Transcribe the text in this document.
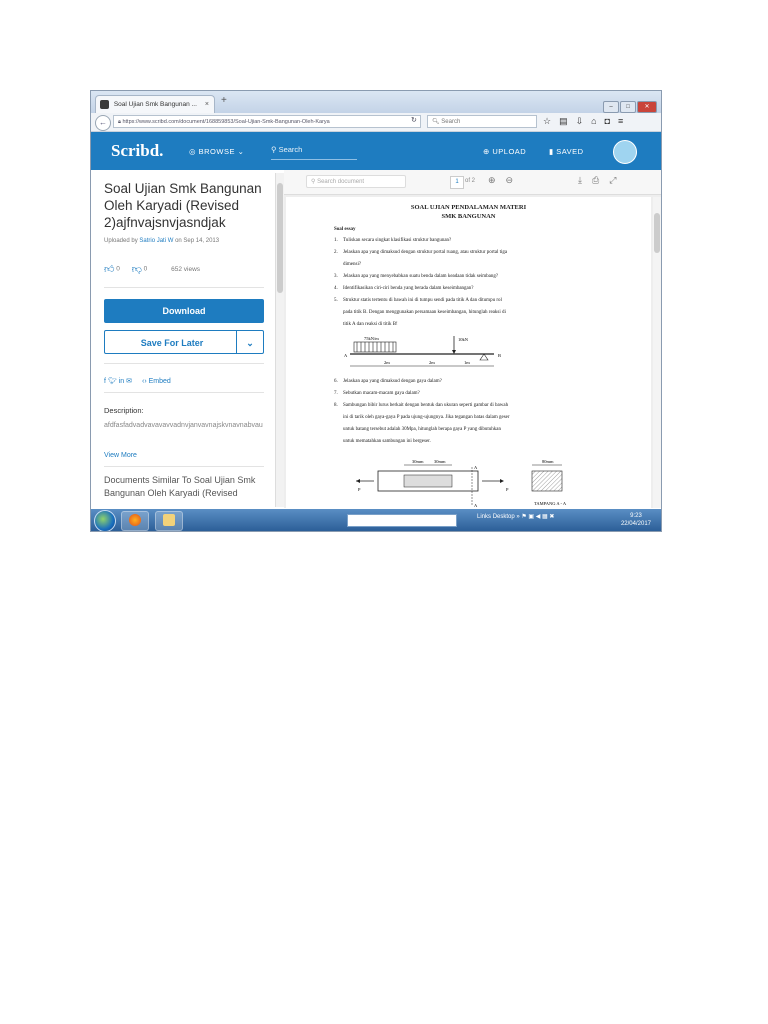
Soal Ujian Smk Bangunan ... × +
– □ ✕
←	🔒︎ https://www.scribd.com/document/168859853/Soal-Ujian-Smk-Bangunan-Oleh-Karya	↻	🔍︎ Search	☆▤⇩⌂◘≡
Scribd.	◎ BROWSE ⌄	⚲ Search	⊕ UPLOAD	▮ SAVED
Soal Ujian Smk Bangunan Oleh Karyadi (Revised 2)ajfnvajsnvjasndjak
Uploaded by Satrio Jati W on Sep 14, 2013
👍︎ 0 👎︎ 0	652 views
Download
Save For Later	⌄
f 🐦︎ in ✉ ‹› Embed
Description:
afdfasfadvadvavavavvadnvjanvavnajskvnavnabvau
View More
Documents Similar To Soal Ujian Smk Bangunan Oleh Karyadi (Revised
⚲ Search document	1	of 2 ⊕⊖	⤓⎙⤢
SOAL UJIAN PENDALAMAN MATERI
SMK BANGUNAN
Soal essay
1. Tuliskan secara singkat klasifikasi struktur bangunan?
2. Jelaskan apa yang dimaksud dengan struktur portal ruang, atau struktur portal tiga
dimensi?
3. Jelaskan apa yang menyebabkan suatu benda dalam keadaan tidak seimbang?
4. Identifikasikan ciri-ciri benda yang berada dalam keseimbangan?
5. Struktur statis tertentu di bawah ini di tumpu sendi pada titik A dan ditumpu rol
pada titik B. Dengan menggunakan persamaan keseimbangan, hitunglah reaksi di
titik A dan reaksi di titik B!
75kN/m	10kN
A	B
2m	2m	1m
6. Jelaskan apa yang dimaksud dengan gaya dalam?
7. Sebutkan macam-macam gaya dalam?
8. Sambungan bibir lurus berkait dengan bentuk dan ukuran seperti gambar di bawah
ini di tarik oleh gaya-gaya P pada ujung-ujungnya. Jika tegangan batas dalam geser
untuk batang tersebut adalah 30Mpa, hitunglah berapa gaya P yang dibutuhkan
untuk mematahkan sambungan ini bergeser.
30mm 30mm
P	P
A
A
80mm
TAMPANG A - A
Links Desktop » ⚑ ▣ ◀ ▦ ✖	9:23
22/04/2017
